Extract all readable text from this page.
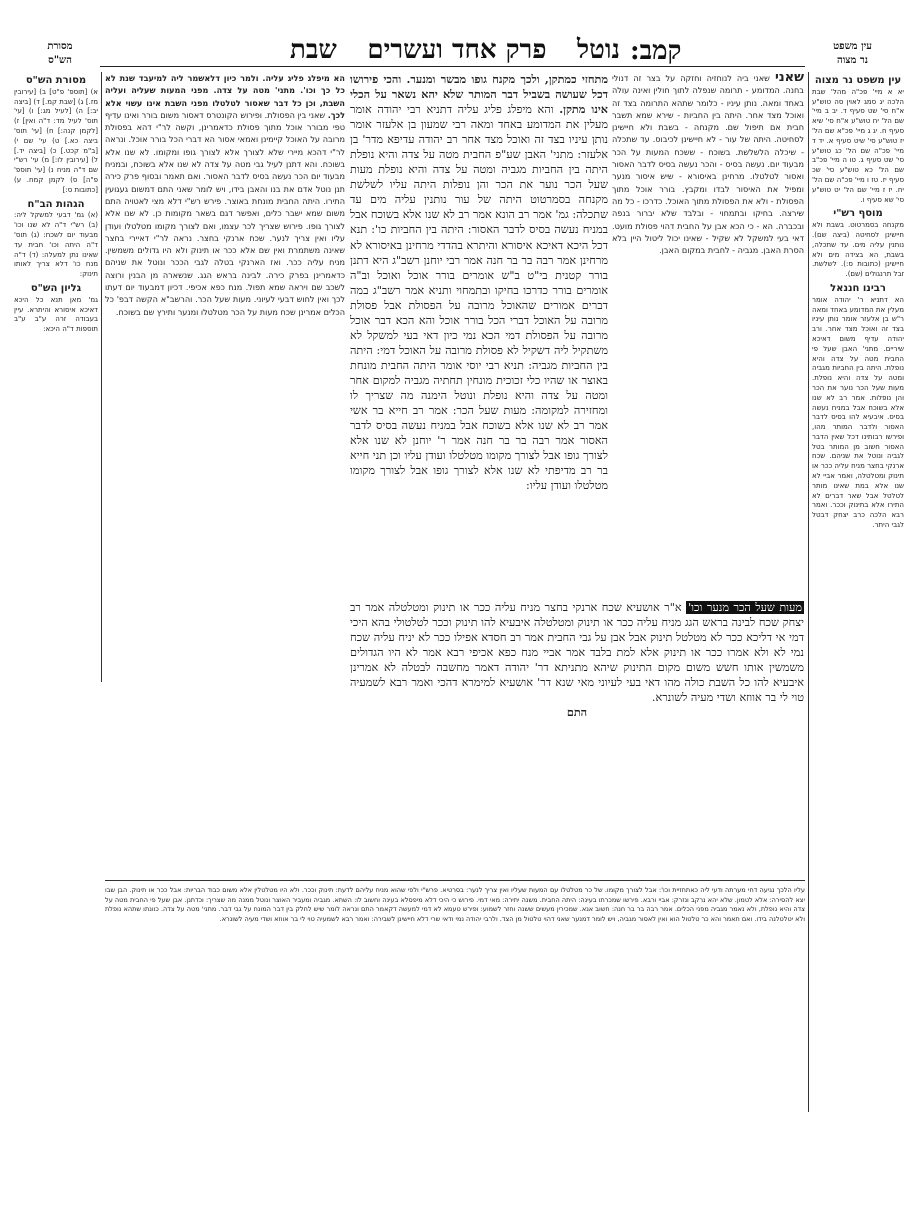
קמב:
נוטל
פרק אחד ועשרים
שבת
מסורת
הש"ס
עין משפט
נר מצוה
מסורת הש"ס
א) [תוספ' פ"ט] ב) [עירובין מז.] ג) [שבת קמ.] ד) [ביצה יב:] ה) [לעיל מג:] ו) [עי' תוס' לעיל מד: ד"ה ואין] ז) [לקמן קנה:] ח) [עי' תוס' ביצה כא.] ט) עי' שם י) [ב"מ קכט.] כ) [ביצה יד.] ל) [עירובין לו:] מ) עי' רש"י שם ד"ה מניח נ) [עי' תוספ' פ"ה] ס) לקמן קמח. ע) [כתובות ס:]
הגהות הב"ח
(א) גמ' דבעי למשקל ליה: (ב) רש"י ד"ה לא שנו וכו' מבעוד יום לשכח: (ג) תוס' ד"ה היתה וכו' חבית עד שאינו נתן למעלה: (ד) ד"ה מנח כו' דלא צריך לאותו תינוק:
גליון הש"ס
גמ' מאן תנא כל היכא דאיכא איסורא והיתרא. עיין בעבודה זרה ע"ב ע"ב תוספות ד"ה היכא:
הא מיפלג פליג עליה. ולמר כיון דלאשמר ליה למיעבד שנת לא כל כך וכו'. מתני' מטה על צדה. מפני המעות שעליה ועליה השבת, וכן כל דבר שאסור לטלטלו מפני השבת אינו עשוי אלא לכך. שאני בין הפסולת. ופירוש הקונטרס דאסור משום בורר ואינו עדיף טפי מבורר אוכל מתוך פסולת כדאמרינן, וקשה לר"י דהא בפסולת מרובה על האוכל קיימינן ואמאי אסור הא דברי הכל בורר אוכל. ונראה לר"י דהכא מיירי שלא לצורך אלא לצורך גופו ומקומו. לא שנו אלא בשוכח. והא דתנן לעיל גבי מטה על צדה לא שנו אלא בשוכח, ובמניח מבעוד יום הכר נעשה בסיס לדבר האסור. ואם תאמר ובסוף פרק כירה תנן נוטל אדם את בנו והאבן בידו, ויש לומר שאני התם דמשום געגועין התירו. היתה החבית מונחת באוצר. פירש רש"י דלא מצי לאטויה התם משום שמא ישבר כלים, ואפשר דגם בשאר מקומות כן. לא שנו אלא לצורך גופו. פירוש שצריך לכר עצמו, ואם לצורך מקומו מטלטלו ועודן עליו ואין צריך לנער. שכח ארנקי בחצר. נראה לר"י דאיירי בחצר שאינה משתמרת ואין שם אלא ככר או תינוק ולא היו גדולים משמשין. מניח עליה ככר. ואז הארנקי בטלה לגבי הככר ונוטל את שניהם כדאמרינן בפרק כירה. לבינה בראש הגג. שנשארה מן הבנין ורוצה לשכב שם ויראה שמא תפול. מנח כפא אכיפי. דכיון דמבעוד יום דעתו לכך ואין לחוש דבעי לעיוני. מעות שעל הכר. והרשב"א הקשה דבפ' כל הכלים אמרינן שכח מעות על הכר מטלטלו ומנער ותירץ שם בשוכח.
מתחזי כמתקן, ולכך מקנח גופו מבשר ומנער. והכי פירושו דכל שעושה בשביל דבר המותר שלא יהא נשאר על הכלי אינו מתקן. והא מיפלג פליג עליה דתניא רבי יהודה אומר מעלין את המדומע באחד ומאה רבי שמעון בן אלעזר אומר נותן עיניו בצד זה ואוכל מצד אחר רב יהודה עדיפא מדר' בן אלעזר: מתני' האבן שע"פ החבית מטה על צדה והיא נופלת היתה בין החביות מגביה ומטה על צדה והיא נופלת מעות שעל הכר נוער את הכר והן נופלות היתה עליו לשלשת מקנחה בסמרטוט היתה של עור נותנין עליה מים עד שתכלה: גמ' אמר רב הונא אמר רב לא שנו אלא בשוכח אבל במניח נעשה בסיס לדבר האסור: היתה בין החביות כו': תנא דכל היכא דאיכא איסורא והיתרא בהדדי מרחינן באיסורא לא מרחינן אמר רבה בר בר חנה אמר רבי יוחנן רשב"ג היא דתנן בורר קטנית בי"ט ב"ש אומרים בורר אוכל ואוכל וב"ה אומרים בורר כדרכו בחיקו ובתמחוי ותניא אמר רשב"ג במה דברים אמורים שהאוכל מרובה על הפסולת אבל פסולת מרובה על האוכל דברי הכל בורר אוכל והא הכא דבר אוכל מרובה על הפסולת דמי הכא נמי כיון דאי בעי למשקל לא משתקיל ליה דשקיל לא פסולת מרובה על האוכל דמי: היתה בין החביות מגביה: תניא רבי יוסי אומר היתה החבית מונחת באוצר או שהיו כלי זכוכית מונחין תחתיה מגביה למקום אחר ומטה על צדה והיא נופלת ונוטל הימנה מה שצריך לו ומחזירה למקומה: מעות שעל הכר: אמר רב חייא בר אשי אמר רב לא שנו אלא בשוכח אבל במניח נעשה בסיס לדבר האסור אמר רבה בר בר חנה אמר ר' יוחנן לא שנו אלא לצורך גופו אבל לצורך מקומו מטלטלו ועודן עליו וכן תני חייא בר רב מדיפתי לא שנו אלא לצורך גופו אבל לצורך מקומו מטלטלו ועודן עליו:
שאני שאני ביה לנוחזיה וחזקה על בצר זה דנולי בחנה. המדומע - תרומה שנפלה לתוך חולין ואינה עולה באחד ומאה. נותן עיניו - כלומר שתהא התרומה בצד זה ואוכל מצד אחר. היתה בין החביות - שירא שמא תשבר חבית אם תיפול שם. מקנחה - בשבת ולא חיישינן לסחיטה. היתה של עור - לא חיישינן לכיבוס. עד שתכלה - שיכלה הלשלשת. בשוכח - ששכח המעות על הכר מבעוד יום. נעשה בסיס - והכר נעשה בסיס לדבר האסור ואסור לטלטלו. מרחינן באיסורא - שיש איסור מנער ומפיל את האיסור לבדו ומקבץ. בורר אוכל מתוך הפסולת - ולא את הפסולת מתוך האוכל. כדרכו - כל מה שירצה. בחיקו ובתמחוי - ובלבד שלא יברור בנפה ובכברה. הא - כי הכא אבן על החבית דהוי פסולת מועט. דאי בעי למשקל לא שקיל - שאינו יכול ליטול היין בלא הסרת האבן. מגביה - לחבית במקום האבן.
מעות שעל הכר מנער וכו' א"ר אושעיא שכח ארנקי בחצר מניח עליה ככר או תינוק ומטלטלה אמר רב יצחק שכח לבינה בראש הגג מניח עליה ככר או תינוק ומטלטלה איבעיא להו תינוק וככר לטלטולי בהא היכי דמי אי דליכא ככר לא מטלטל תינוק אבל אבן על גבי החבית אמר רב חסדא אפילו ככר לא יניח עליה שכח נמי לא ולא אמרו ככר או תינוק אלא למת בלבד אמר אביי מנח כפא אכיפי רבא אמר לא היו הגדולים משמשין אותו חשש משום מקום התינוק שיהא מתניתא דר' יהודה דאמר מחשבה לבטלה לא אמרינן איבעיא להו כל השבת כולה מהו דאי בעי לעיוני מאי שנא דר' אושעיא למימרא דהכי ואמר רבא לשמעיה טוי לי בר אווזא ושדי מעיה לשונרא.
התם
עין משפט נר מצוה
יא א מיי' פכ"ה מהל' שבת הלכה יג סמג לאוין סה טוש"ע א"ח סי' שט סעיף ד. יב ב מיי' שם הל' יח טוש"ע א"ח סי' שיא סעיף ח. יג ג מיי' פכ"א שם הל' יז טוש"ע סי' שיט סעיף א. יד ד מיי' פכ"ה שם הל' כג טוש"ע סי' שט סעיף ג. טו ה מיי' פכ"ב שם הל' כא טוש"ע סי' שכ סעיף יז. טז ו מיי' פכ"ה שם הל' יח. יז ז מיי' שם הל' יט טוש"ע סי' שא סעיף ו.
מוסף רש"י
מקנחה בסמרטוט. בשבת ולא חיישינן לסחיטה (ביצה שם). נותנין עליה מים. עד שתכלה, בשבת, הא בצידה מים ולא חיישינן (כתובות ס:). לשלשת. זבל תרנגולים (שם).
רבינו חננאל
הא דתניא ר' יהודה אומר מעלין את המדומע באחד ומאה ר"ש בן אלעזר אומר נותן עיניו בצד זה ואוכל מצד אחר. ורב יהודה עדיף משום דאיכא שיריים. מתני' האבן שעל פי החבית מטה על צדה והיא נופלת. היתה בין החביות מגביה ומטה על צדה והיא נופלת. מעות שעל הכר נוער את הכר והן נופלות. אמר רב לא שנו אלא בשוכח אבל במניח נעשה בסיס. איבעיא להו בסיס לדבר האסור ולדבר המותר מהו, ופירשו רבותינו דכל שאין הדבר האסור חשוב מן המותר בטל לגביה ונוטל את שניהם. שכח ארנקי בחצר מניח עליה ככר או תינוק ומטלטלה, ואמר אביי לא שנו אלא במת שאינו מותר לטלטל אבל שאר דברים לא התירו אלא בתינוק וככר. ואמר רבא הלכה כרב יצחק דבטל לגבי היתר.
עליו הלכך נגיעה דחי מערתה ודעי ליה כאתחזיית וכו': אבל לצורך מקומו. של כר מטלטלו עם המעות שעליו ואין צריך לנער: בסרטיא. פרש"י ולפי שהוא מניח עליהם לדעת: תינוק וככר. ולא היו מטלטלין אלא משום כבוד הבריות: אבל ככר או תינוק. הבן שבו יצא להסירה: אלא לטמון. שלא יהא נרקב ונזרק: אביי ורבא. פירשו שמכרתו בעינה: היתה החבית. משנה יתירה: מאי דמי. פירוש כי היכי דלא מיפסלא בעינה וחשוב לו: השתא. מגביה ומעביר האוצר ונוטל ממנה מה שצריך: וכדתנן. אבן שעל פי החבית מטה על צדה והיא נופלת, ולא נאמר מגביה מפני הכלים. אמר רבה בר בר חנה: חשוב אנא. שמכירין מעשים ששנה וחזר לשמוע: ופירש טעמא לא דמי למעשה דקאמר התם ונראה לומר שיש לחלק בין דבר המונח על גבי דבר. מתני' מטה על צדה. כוונתו שתהא נופלת ולא יטלטלנה בידו. ואם תאמר והא כר טלטול הוא ואין לאסור מגביה, ויש לומר דמנער שאני דהוי טלטול מן הצד. ולרבי יהודה נמי ודאי שרי דלא חיישינן לשבירה: ואמר רבא לשמעיה טוי לי בר אווזא ושדי מעיה לשונרא.
